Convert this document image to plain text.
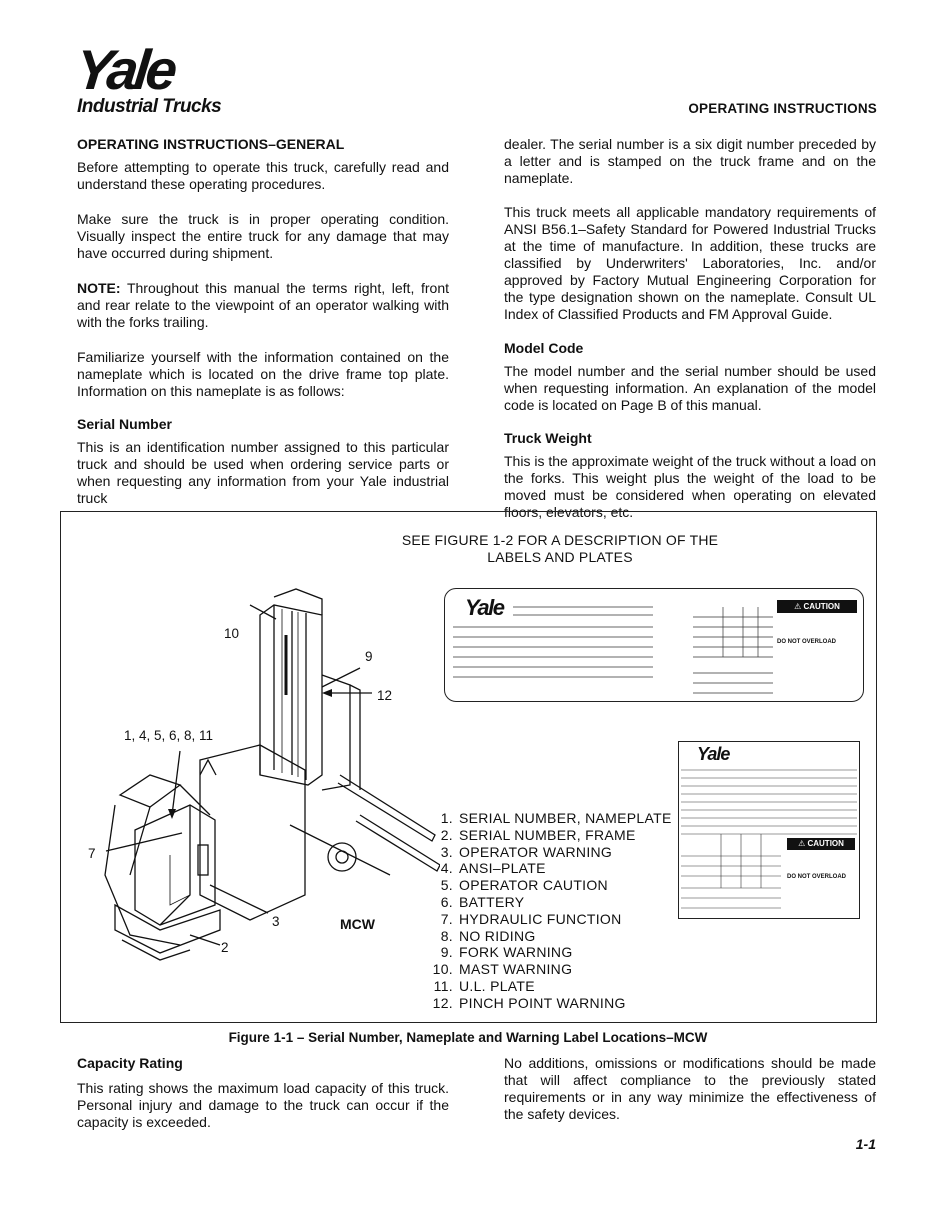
Yale
Industrial Trucks	OPERATING INSTRUCTIONS
OPERATING INSTRUCTIONS–GENERAL

Before attempting to operate this truck, carefully read and understand these operating procedures.

Make sure the truck is in proper operating condition. Visually inspect the entire truck for any damage that may have occurred during shipment.

NOTE: Throughout this manual the terms right, left, front and rear relate to the viewpoint of an operator walking with with the forks trailing.

Familiarize yourself with the information contained on the nameplate which is located on the drive frame top plate. Information on this nameplate is as follows:

Serial Number

This is an identification number assigned to this particular truck and should be used when ordering service parts or when requesting any information from your Yale industrial truck

dealer. The serial number is a six digit number preceded by a letter and is stamped on the truck frame and on the nameplate.

This truck meets all applicable mandatory requirements of ANSI B56.1–Safety Standard for Powered Industrial Trucks at the time of manufacture. In addition, these trucks are classified by Underwriters' Laboratories, Inc. and/or approved by Factory Mutual Engineering Corporation for the type designation shown on the nameplate. Consult UL Index of Classified Products and FM Approval Guide.

Model Code

The model number and the serial number should be used when requesting information. An explanation of the model code is located on Page B of this manual.

Truck Weight

This is the approximate weight of the truck without a load on the forks. This weight plus the weight of the load to be moved must be considered when operating on elevated floors, elevators, etc.

SEE FIGURE 1-2 FOR A DESCRIPTION OF THE
LABELS AND PLATES
10
9
12
1, 4, 5, 6, 8, 11
7
3
2
MCW
Yale	⚠ CAUTION
DO NOT OVERLOAD
Yale
⚠ CAUTION
DO NOT OVERLOAD
1. SERIAL NUMBER, NAMEPLATE
2. SERIAL NUMBER, FRAME
3. OPERATOR WARNING
4. ANSI–PLATE
5. OPERATOR CAUTION
6. BATTERY
7. HYDRAULIC FUNCTION
8. NO RIDING
9. FORK WARNING
10. MAST WARNING
11. U.L. PLATE
12. PINCH POINT WARNING
Figure 1-1 – Serial Number, Nameplate and Warning Label Locations–MCW
Capacity Rating

This rating shows the maximum load capacity of this truck. Personal injury and damage to the truck can occur if the capacity is exceeded.

No additions, omissions or modifications should be made that will affect compliance to the previously stated requirements or in any way minimize the effectiveness of the safety devices.

1-1
